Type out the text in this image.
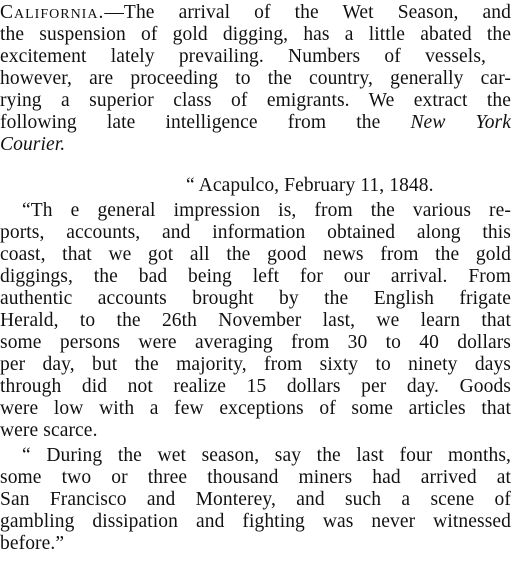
California.—The arrival of the Wet Season, and
the suspension of gold digging, has a little abated the
excitement lately prevailing. Numbers of vessels,
however, are proceeding to the country, generally car-
rying a superior class of emigrants. We extract the
following late intelligence from the New York
Courier.
“ Acapulco, February 11, 1848.
“Th e general impression is, from the various re-
ports, accounts, and information obtained along this
coast, that we got all the good news from the gold
diggings, the bad being left for our arrival. From
authentic accounts brought by the English frigate
Herald, to the 26th November last, we learn that
some persons were averaging from 30 to 40 dollars
per day, but the majority, from sixty to ninety days
through did not realize 15 dollars per day. Goods
were low with a few exceptions of some articles that
were scarce.
“ During the wet season, say the last four months,
some two or three thousand miners had arrived at
San Francisco and Monterey, and such a scene of
gambling dissipation and fighting was never witnessed
before.”
